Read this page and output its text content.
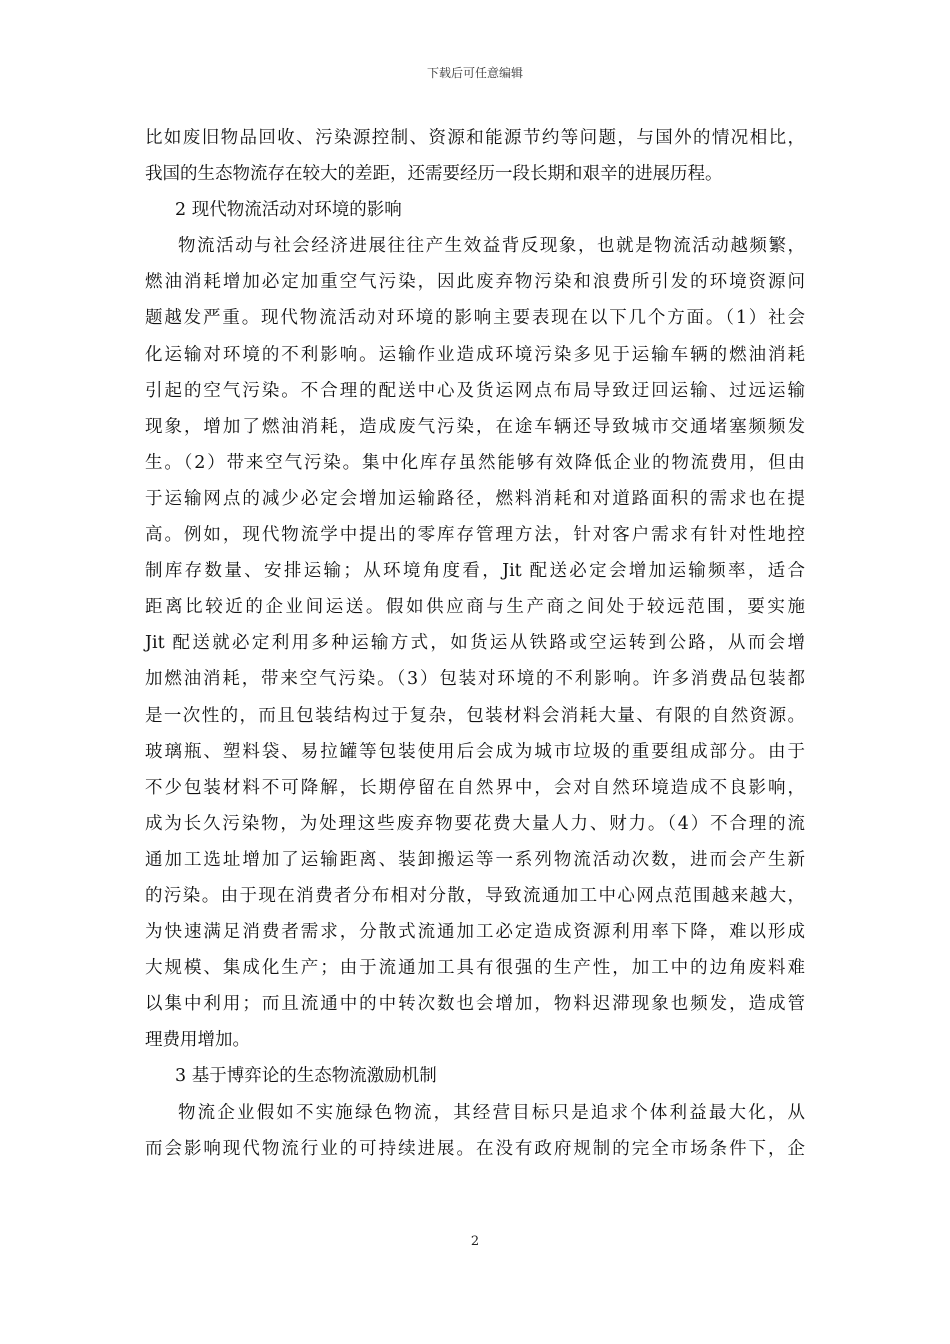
下载后可任意编辑
比如废旧物品回收、污染源控制、资源和能源节约等问题，与国外的情况相比，
我国的生态物流存在较大的差距，还需要经历一段长期和艰辛的进展历程。
2 现代物流活动对环境的影响
物流活动与社会经济进展往往产生效益背反现象，也就是物流活动越频繁，
燃油消耗增加必定加重空气污染，因此废弃物污染和浪费所引发的环境资源问
题越发严重。现代物流活动对环境的影响主要表现在以下几个方面。（1）社会
化运输对环境的不利影响。运输作业造成环境污染多见于运输车辆的燃油消耗
引起的空气污染。不合理的配送中心及货运网点布局导致迂回运输、过远运输
现象，增加了燃油消耗，造成废气污染，在途车辆还导致城市交通堵塞频频发
生。（2）带来空气污染。集中化库存虽然能够有效降低企业的物流费用，但由
于运输网点的减少必定会增加运输路径，燃料消耗和对道路面积的需求也在提
高。例如，现代物流学中提出的零库存管理方法，针对客户需求有针对性地控
制库存数量、安排运输；从环境角度看，Jit 配送必定会增加运输频率，适合
距离比较近的企业间运送。假如供应商与生产商之间处于较远范围，要实施
Jit 配送就必定利用多种运输方式，如货运从铁路或空运转到公路，从而会增
加燃油消耗，带来空气污染。（3）包装对环境的不利影响。许多消费品包装都
是一次性的，而且包装结构过于复杂，包装材料会消耗大量、有限的自然资源。
玻璃瓶、塑料袋、易拉罐等包装使用后会成为城市垃圾的重要组成部分。由于
不少包装材料不可降解，长期停留在自然界中，会对自然环境造成不良影响，
成为长久污染物，为处理这些废弃物要花费大量人力、财力。（4）不合理的流
通加工选址增加了运输距离、装卸搬运等一系列物流活动次数，进而会产生新
的污染。由于现在消费者分布相对分散，导致流通加工中心网点范围越来越大，
为快速满足消费者需求，分散式流通加工必定造成资源利用率下降，难以形成
大规模、集成化生产；由于流通加工具有很强的生产性，加工中的边角废料难
以集中利用；而且流通中的中转次数也会增加，物料迟滞现象也频发，造成管
理费用增加。
3 基于博弈论的生态物流激励机制
物流企业假如不实施绿色物流，其经营目标只是追求个体利益最大化，从
而会影响现代物流行业的可持续进展。在没有政府规制的完全市场条件下，企
2
